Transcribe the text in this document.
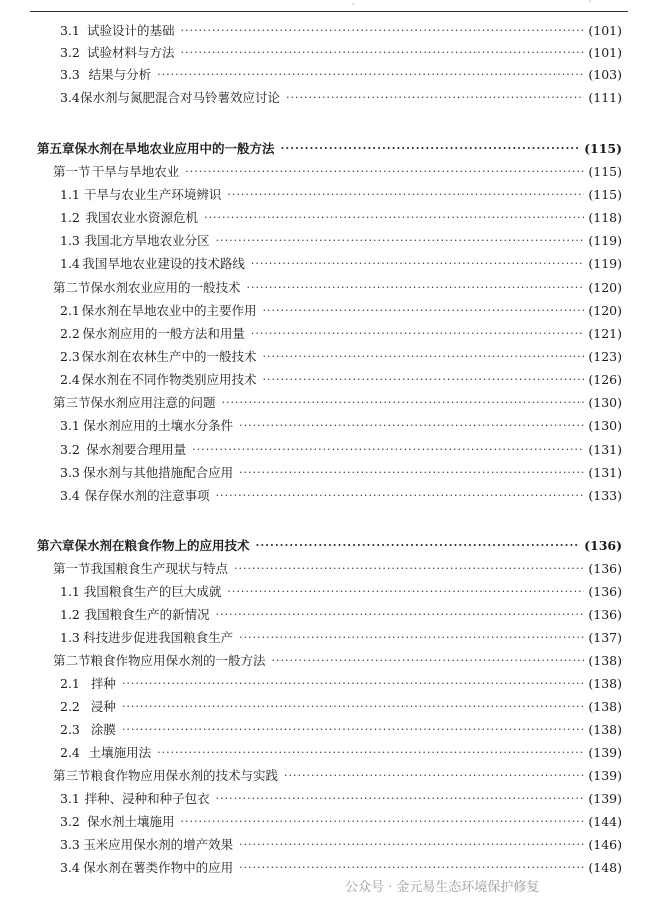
·	˙
3.1 试验设计的基础 ·····	(101)
3.2 试验材料与方法 ·····	(101)
3.3 结果与分析 ·····	(103)
3.4 保水剂与氮肥混合对马铃薯效应讨论 ·····	(111)
第五章 保水剂在旱地农业应用中的一般方法 ·····	(115)
第一节 干旱与旱地农业 ·····	(115)
1.1 干旱与农业生产环境辨识 ·····	(115)
1.2 我国农业水资源危机 ·····	(118)
1.3 我国北方旱地农业分区 ·····	(119)
1.4 我国旱地农业建设的技术路线 ·····	(119)
第二节 保水剂农业应用的一般技术 ·····	(120)
2.1 保水剂在旱地农业中的主要作用 ·····	(120)
2.2 保水剂应用的一般方法和用量 ·····	(121)
2.3 保水剂在农林生产中的一般技术 ·····	(123)
2.4 保水剂在不同作物类别应用技术 ·····	(126)
第三节 保水剂应用注意的问题 ·····	(130)
3.1 保水剂应用的土壤水分条件 ·····	(130)
3.2 保水剂要合理用量 ·····	(131)
3.3 保水剂与其他措施配合应用 ·····	(131)
3.4 保存保水剂的注意事项 ·····	(133)
第六章 保水剂在粮食作物上的应用技术 ·····	(136)
第一节 我国粮食生产现状与特点 ·····	(136)
1.1 我国粮食生产的巨大成就 ·····	(136)
1.2 我国粮食生产的新情况 ·····	(136)
1.3 科技进步促进我国粮食生产 ·····	(137)
第二节 粮食作物应用保水剂的一般方法 ·····	(138)
2.1 拌种 ·····	(138)
2.2 浸种 ·····	(138)
2.3 涂膜 ·····	(138)
2.4 土壤施用法 ·····	(139)
第三节 粮食作物应用保水剂的技术与实践 ·····	(139)
3.1 拌种、浸种和种子包衣 ·····	(139)
3.2 保水剂土壤施用 ·····	(144)
3.3 玉米应用保水剂的增产效果 ·····	(146)
3.4 保水剂在薯类作物中的应用 ·····	(148)
公众号 · 金元易生态环境保护修复
